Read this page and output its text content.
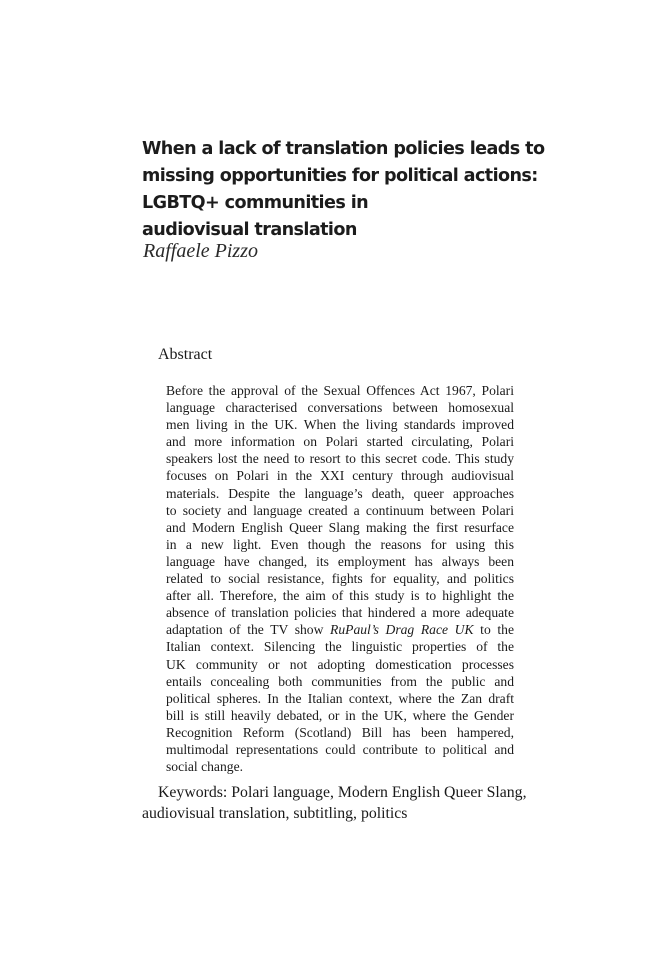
When a lack of translation policies leads to
missing opportunities for political actions:
LGBTQ+ communities in
audiovisual translation
Raffaele Pizzo
Abstract
Before the approval of the Sexual Offences Act 1967, Polari
language characterised conversations between homosexual
men living in the UK. When the living standards improved
and more information on Polari started circulating, Polari
speakers lost the need to resort to this secret code. This study
focuses on Polari in the XXI century through audiovisual
materials. Despite the language’s death, queer approaches
to society and language created a continuum between Polari
and Modern English Queer Slang making the first resurface
in a new light. Even though the reasons for using this
language have changed, its employment has always been
related to social resistance, fights for equality, and politics
after all. Therefore, the aim of this study is to highlight the
absence of translation policies that hindered a more adequate
adaptation of the TV show RuPaul’s Drag Race UK to the
Italian context. Silencing the linguistic properties of the
UK community or not adopting domestication processes
entails concealing both communities from the public and
political spheres. In the Italian context, where the Zan draft
bill is still heavily debated, or in the UK, where the Gender
Recognition Reform (Scotland) Bill has been hampered,
multimodal representations could contribute to political and
social change.
Keywords: Polari language, Modern English Queer Slang,
audiovisual translation, subtitling, politics
